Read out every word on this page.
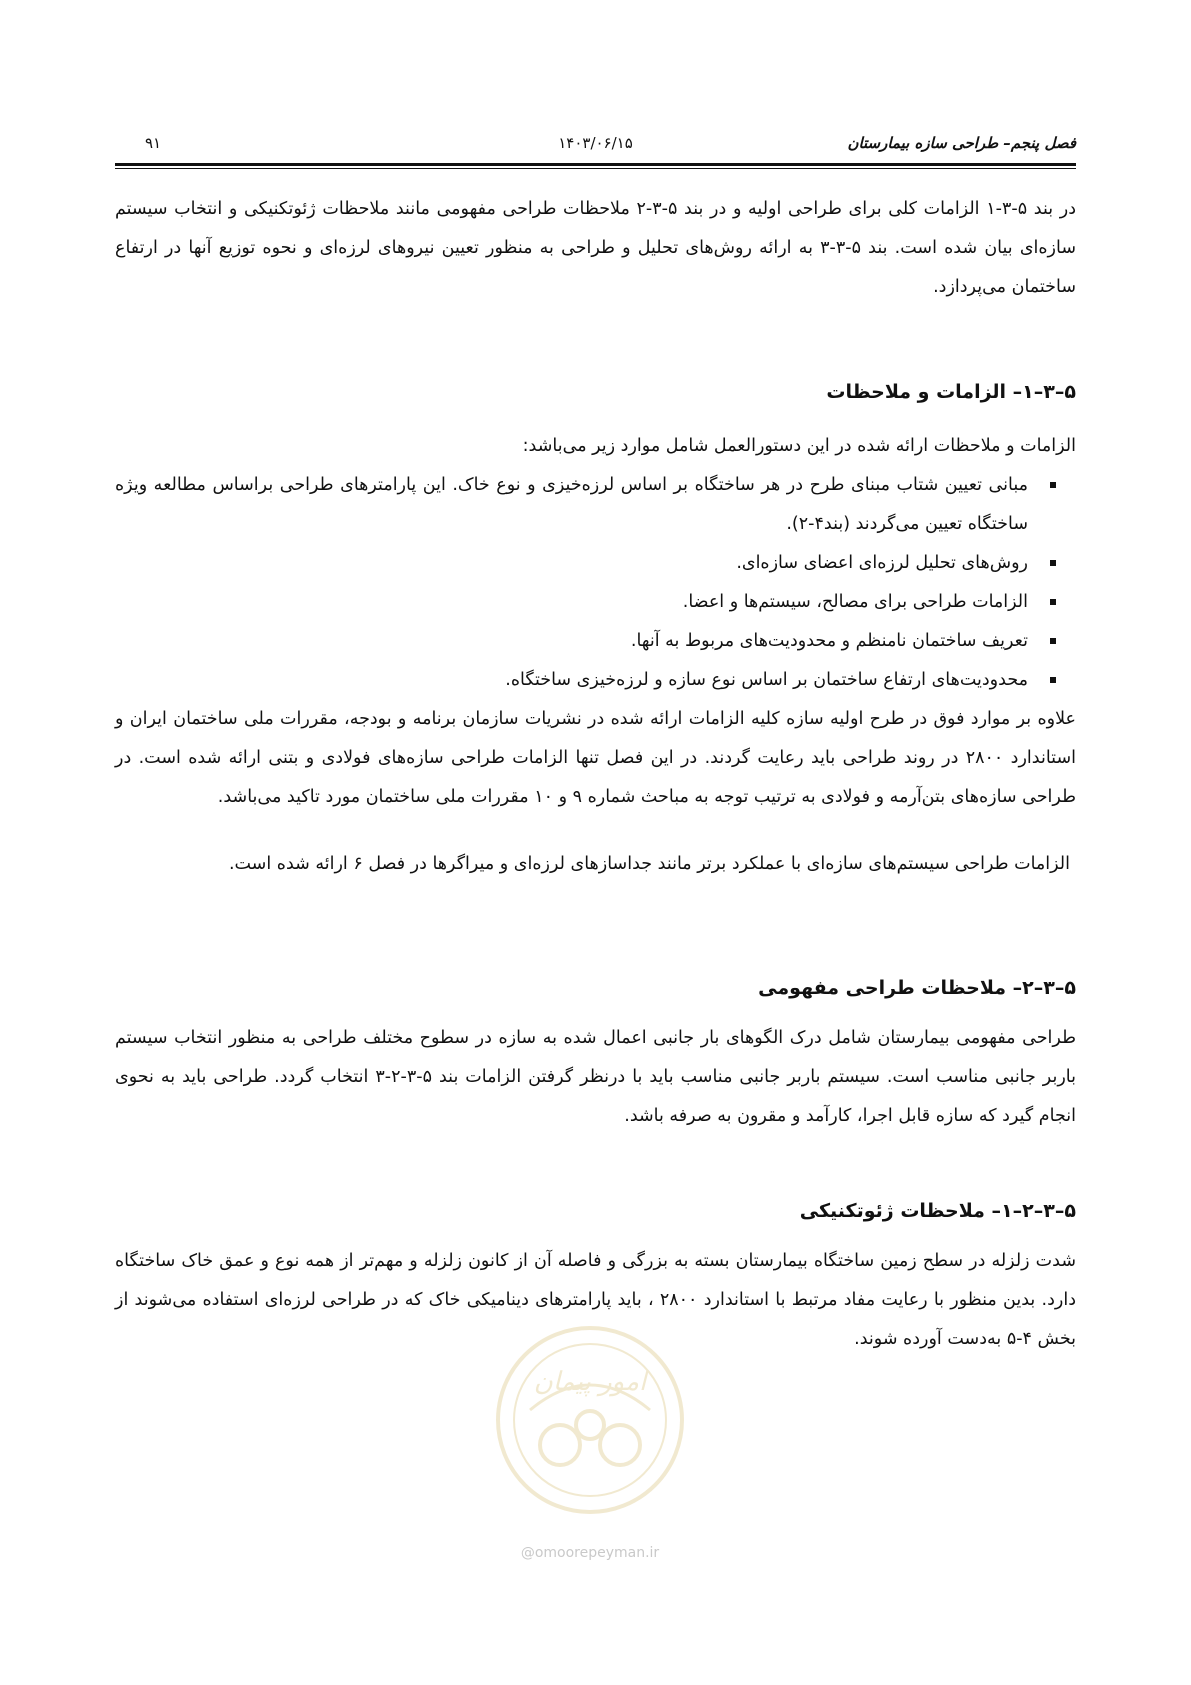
فصل پنجم– طراحی سازه بیمارستان
۱۴۰۳/۰۶/۱۵
۹۱

در بند ۵-۳-۱ الزامات کلی برای طراحی اولیه و در بند ۵-۳-۲ ملاحظات طراحی مفهومی مانند ملاحظات ژئوتکنیکی و انتخاب سیستم سازه‌ای بیان شده است. بند ۵-۳-۳ به ارائه روش‌های تحلیل و طراحی به منظور تعیین نیروهای لرزه‌ای و نحوه توزیع آنها در ارتفاع ساختمان می‌پردازد.

۵–۳–۱– الزامات و ملاحظات

الزامات و ملاحظات ارائه شده در این دستورالعمل شامل موارد زیر می‌باشد:

مبانی تعیین شتاب مبنای طرح در هر ساختگاه بر اساس لرزه‌خیزی و نوع خاک. این پارامترهای طراحی براساس مطالعه ویژه ساختگاه تعیین می‌گردند (بند۴-۲).
روش‌های تحلیل لرزه‌ای اعضای سازه‌ای.
الزامات طراحی برای مصالح، سیستم‌ها و اعضا.
تعریف ساختمان نامنظم و محدودیت‌های مربوط به آنها.
محدودیت‌های ارتفاع ساختمان بر اساس نوع سازه و لرزه‌خیزی ساختگاه.

علاوه بر موارد فوق در طرح اولیه سازه کلیه الزامات ارائه شده در نشریات سازمان برنامه و بودجه، مقررات ملی ساختمان ایران و استاندارد ۲۸۰۰ در روند طراحی باید رعایت گردند. در این فصل تنها الزامات طراحی سازه‌های فولادی و بتنی ارائه شده است. در طراحی سازه‌های بتن‌آرمه و فولادی به ترتیب توجه به مباحث شماره ۹ و ۱۰ مقررات ملی ساختمان مورد تاکید می‌باشد.

الزامات طراحی سیستم‌های سازه‌ای با عملکرد برتر مانند جداسازهای لرزه‌ای و میراگرها در فصل ۶ ارائه شده است.

۵–۳–۲– ملاحظات طراحی مفهومی

طراحی مفهومی بیمارستان شامل درک الگوهای بار جانبی اعمال شده به سازه در سطوح مختلف طراحی به منظور انتخاب سیستم باربر جانبی مناسب است. سیستم باربر جانبی مناسب باید با درنظر گرفتن الزامات بند ۵-۳-۲-۳ انتخاب گردد. طراحی باید به نحوی انجام گیرد که سازه قابل اجرا، کارآمد و مقرون به صرفه باشد.

۵–۳–۲–۱– ملاحظات ژئوتکنیکی

شدت زلزله در سطح زمین ساختگاه بیمارستان بسته به بزرگی و فاصله آن از کانون زلزله و مهم‌تر از همه نوع و عمق خاک ساختگاه دارد. بدین منظور با رعایت مفاد مرتبط با استاندارد ۲۸۰۰ ، باید پارامترهای دینامیکی خاک که در طراحی لرزه‌ای استفاده می‌شوند از بخش ۴-۵ به‌دست آورده شوند.

امور پیمان
@omoorepeyman.ir
